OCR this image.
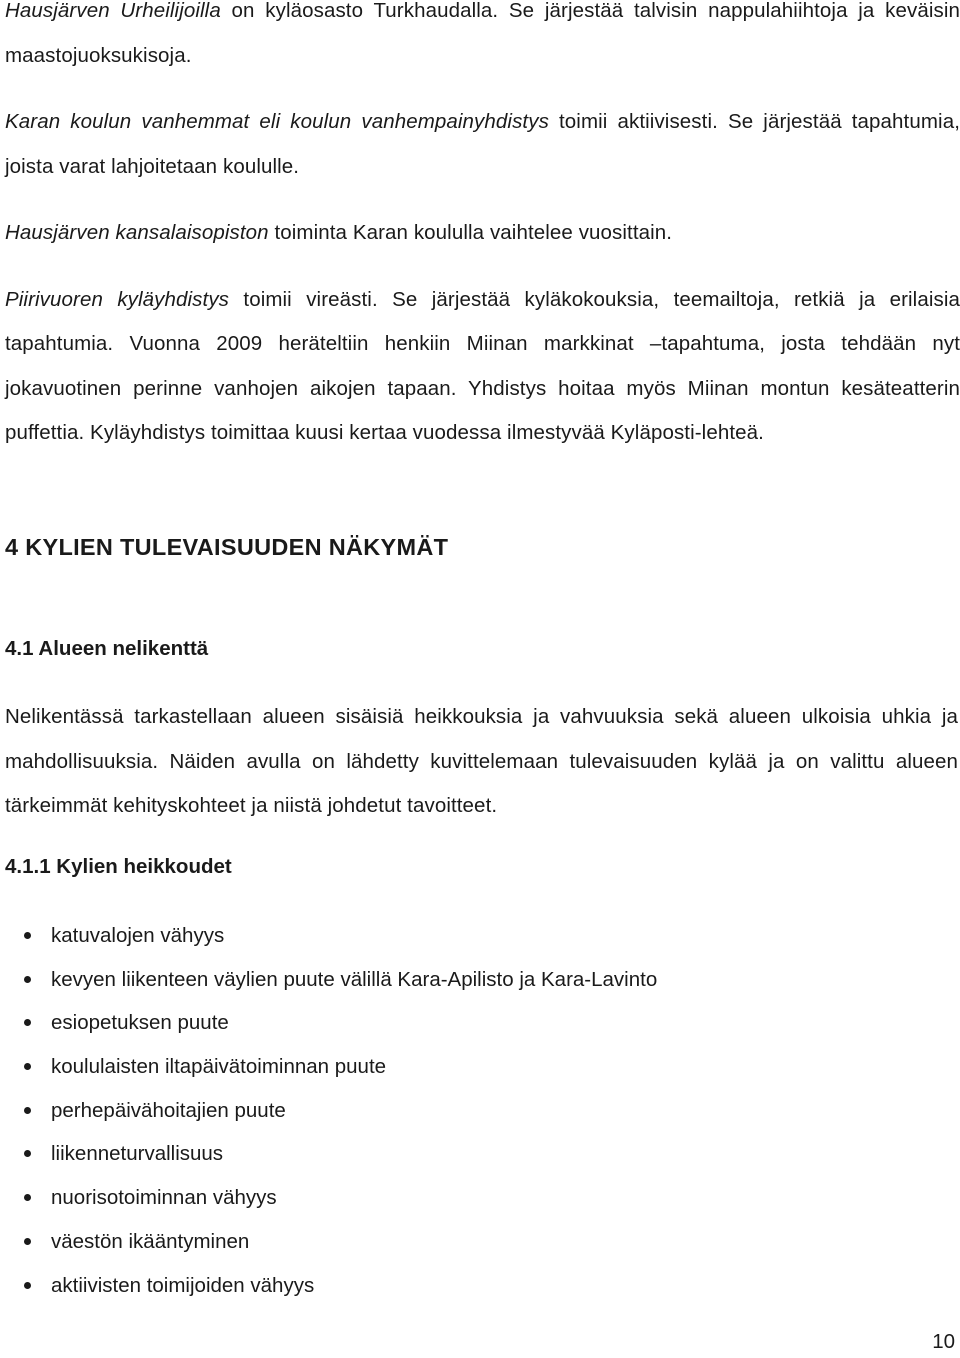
Hausjärven Urheilijoilla on kyläosasto Turkhaudalla. Se järjestää talvisin nappulahiihtoja ja keväisin maastojuoksukisoja.

Karan koulun vanhemmat eli koulun vanhempainyhdistys toimii aktiivisesti. Se järjestää tapahtumia, joista varat lahjoitetaan koululle.

Hausjärven kansalaisopiston toiminta Karan koululla vaihtelee vuosittain.

Piirivuoren kyläyhdistys toimii vireästi. Se järjestää kyläkokouksia, teemailtoja, retkiä ja erilaisia tapahtumia. Vuonna 2009 heräteltiin henkiin Miinan markkinat –tapahtuma, josta tehdään nyt jokavuotinen perinne vanhojen aikojen tapaan. Yhdistys hoitaa myös Miinan montun kesäteatterin puffettia. Kyläyhdistys toimittaa kuusi kertaa vuodessa ilmestyvää Kyläposti-lehteä.

4 KYLIEN TULEVAISUUDEN NÄKYMÄT
4.1 Alueen nelikenttä

Nelikentässä tarkastellaan alueen sisäisiä heikkouksia ja vahvuuksia sekä alueen ulkoisia uhkia ja mahdollisuuksia. Näiden avulla on lähdetty kuvittelemaan tulevaisuuden kylää ja on valittu alueen tärkeimmät kehityskohteet ja niistä johdetut tavoitteet.

4.1.1 Kylien heikkoudet
katuvalojen vähyys
kevyen liikenteen väylien puute välillä Kara-Apilisto ja Kara-Lavinto
esiopetuksen puute
koululaisten iltapäivätoiminnan puute
perhepäivähoitajien puute
liikenneturvallisuus
nuorisotoiminnan vähyys
väestön ikääntyminen
aktiivisten toimijoiden vähyys
10
